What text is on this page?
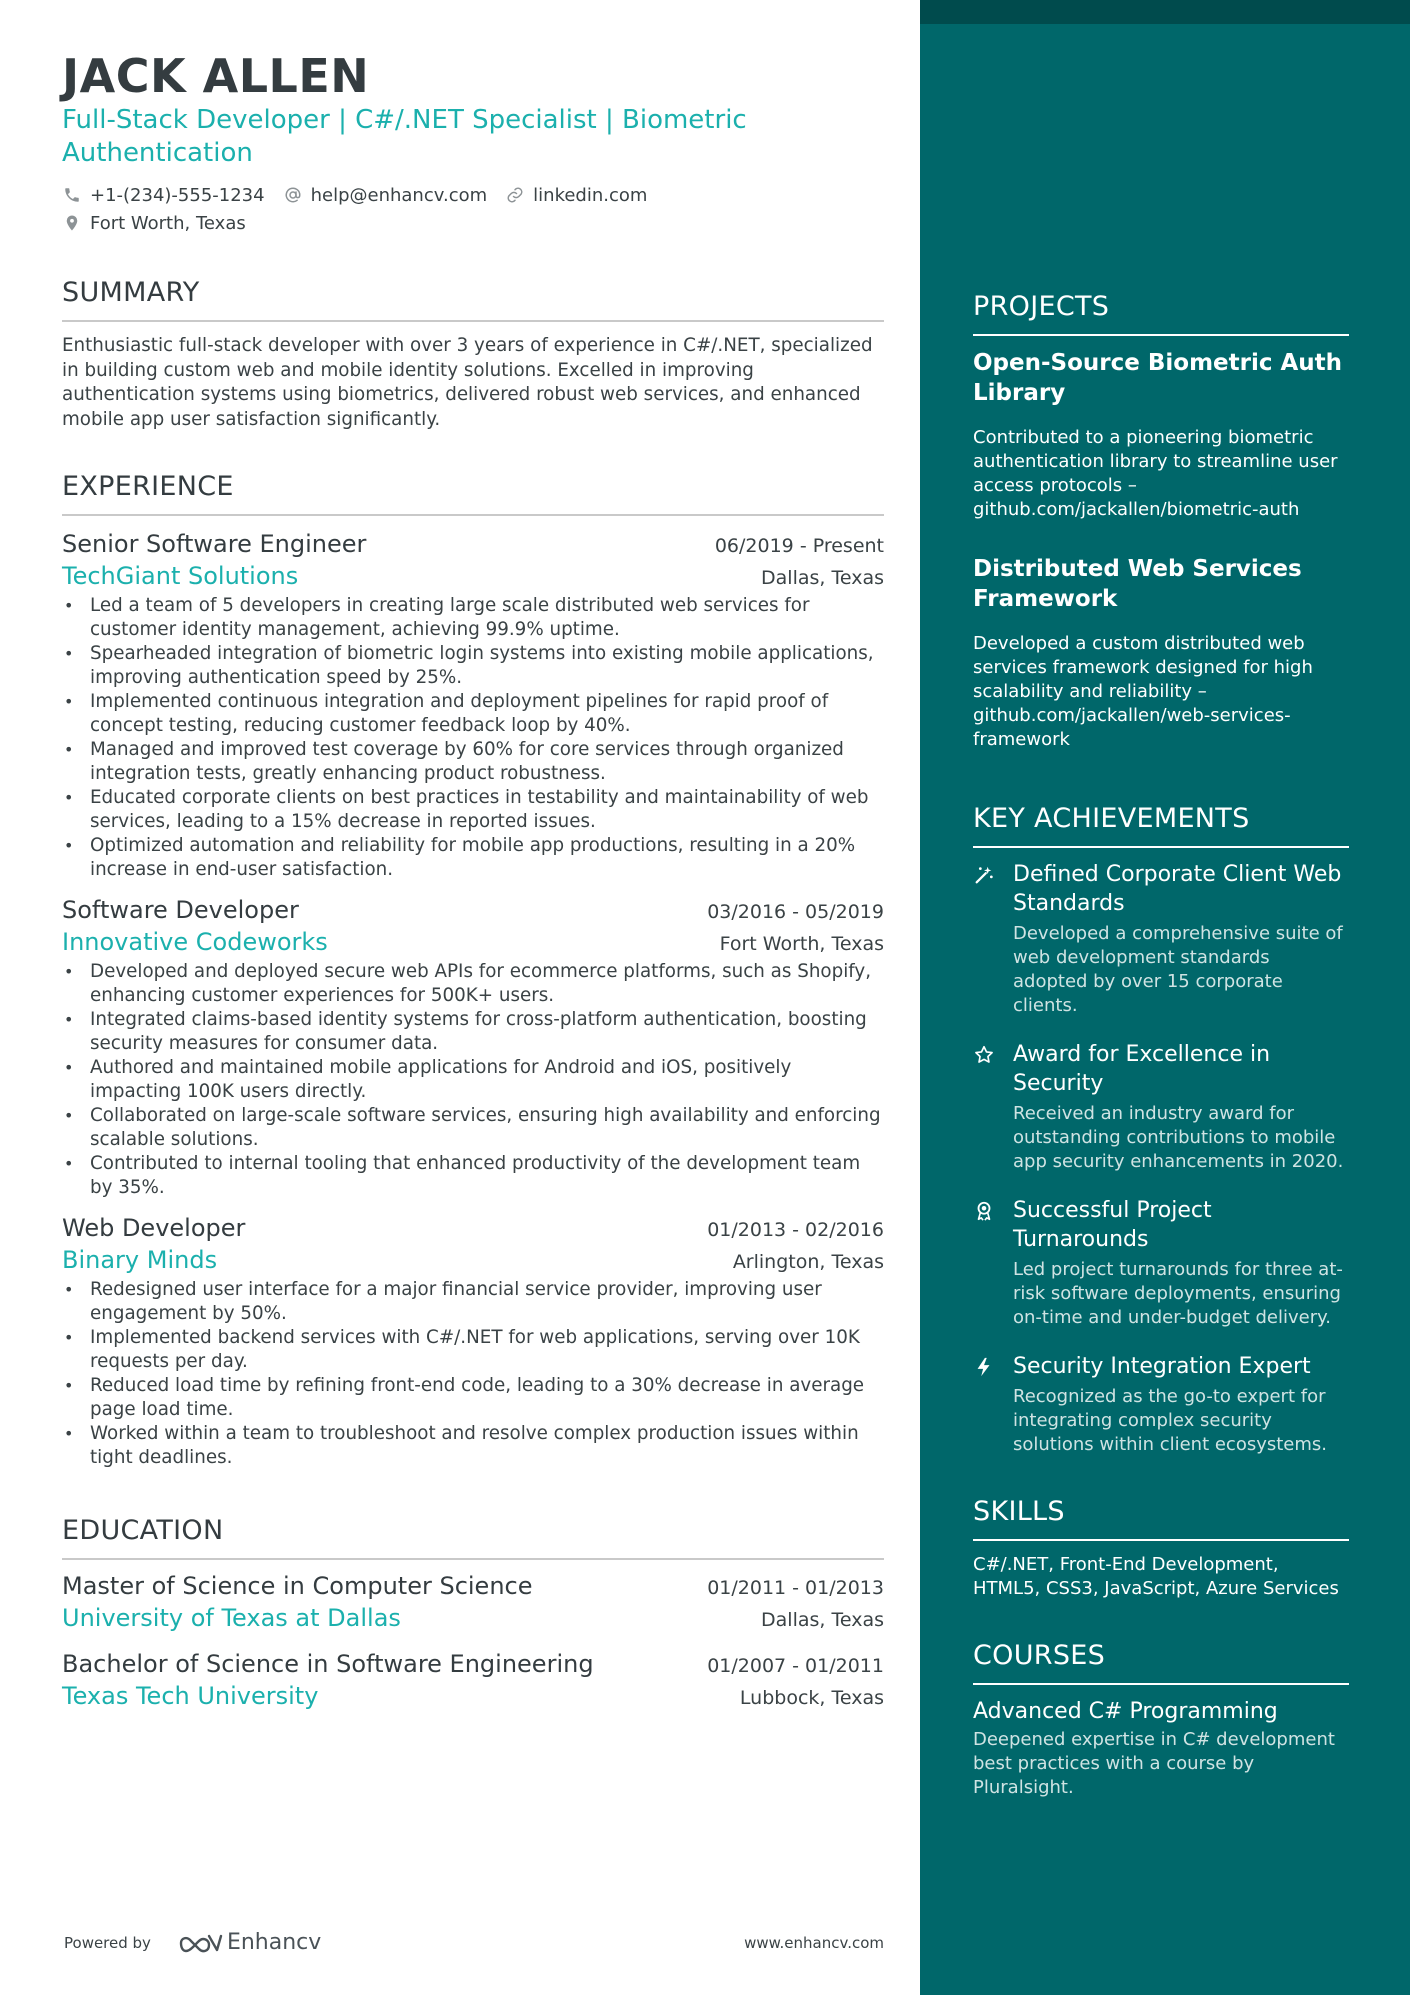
JACK ALLEN
Full-Stack Developer | C#/.NET Specialist | Biometric Authentication
+1-(234)-555-1234	help@enhancv.com	linkedin.com
Fort Worth, Texas
SUMMARY
Enthusiastic full-stack developer with over 3 years of experience in C#/.NET, specialized in building custom web and mobile identity solutions. Excelled in improving authentication systems using biometrics, delivered robust web services, and enhanced mobile app user satisfaction significantly.
EXPERIENCE
Senior Software Engineer	06/2019 - Present
TechGiant Solutions	Dallas, Texas
• Led a team of 5 developers in creating large scale distributed web services for customer identity management, achieving 99.9% uptime.
• Spearheaded integration of biometric login systems into existing mobile applications, improving authentication speed by 25%.
• Implemented continuous integration and deployment pipelines for rapid proof of concept testing, reducing customer feedback loop by 40%.
• Managed and improved test coverage by 60% for core services through organized integration tests, greatly enhancing product robustness.
• Educated corporate clients on best practices in testability and maintainability of web services, leading to a 15% decrease in reported issues.
• Optimized automation and reliability for mobile app productions, resulting in a 20% increase in end-user satisfaction.
Software Developer	03/2016 - 05/2019
Innovative Codeworks	Fort Worth, Texas
• Developed and deployed secure web APIs for ecommerce platforms, such as Shopify, enhancing customer experiences for 500K+ users.
• Integrated claims-based identity systems for cross-platform authentication, boosting security measures for consumer data.
• Authored and maintained mobile applications for Android and iOS, positively impacting 100K users directly.
• Collaborated on large-scale software services, ensuring high availability and enforcing scalable solutions.
• Contributed to internal tooling that enhanced productivity of the development team by 35%.
Web Developer	01/2013 - 02/2016
Binary Minds	Arlington, Texas
• Redesigned user interface for a major financial service provider, improving user engagement by 50%.
• Implemented backend services with C#/.NET for web applications, serving over 10K requests per day.
• Reduced load time by refining front-end code, leading to a 30% decrease in average page load time.
• Worked within a team to troubleshoot and resolve complex production issues within tight deadlines.
EDUCATION
Master of Science in Computer Science	01/2011 - 01/2013
University of Texas at Dallas	Dallas, Texas
Bachelor of Science in Software Engineering	01/2007 - 01/2011
Texas Tech University	Lubbock, Texas
Powered by	Enhancv	www.enhancv.com
PROJECTS
Open-Source Biometric Auth Library
Contributed to a pioneering biometric authentication library to streamline user access protocols – github.com/jackallen/biometric-auth
Distributed Web Services Framework
Developed a custom distributed web services framework designed for high scalability and reliability – github.com/jackallen/web-services-framework
KEY ACHIEVEMENTS
Defined Corporate Client Web Standards
Developed a comprehensive suite of web development standards adopted by over 15 corporate clients.
Award for Excellence in Security
Received an industry award for outstanding contributions to mobile app security enhancements in 2020.
Successful Project Turnarounds
Led project turnarounds for three at-risk software deployments, ensuring on-time and under-budget delivery.
Security Integration Expert
Recognized as the go-to expert for integrating complex security solutions within client ecosystems.
SKILLS
C#/.NET, Front-End Development, HTML5, CSS3, JavaScript, Azure Services
COURSES
Advanced C# Programming
Deepened expertise in C# development best practices with a course by Pluralsight.
